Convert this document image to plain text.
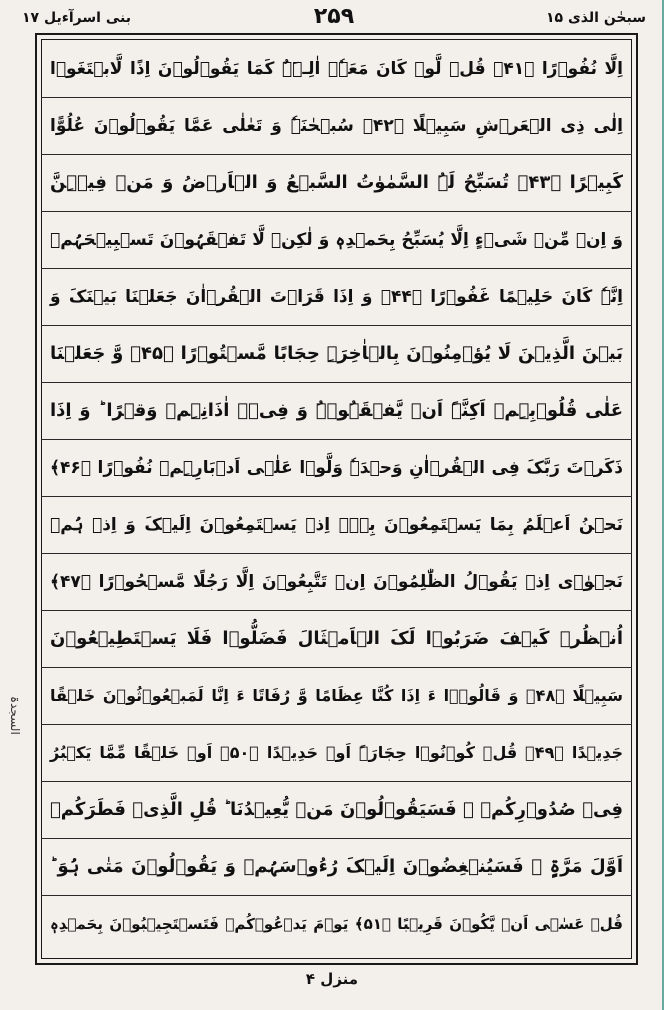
بنی اسرآءیل ۱۷	۲۵۹	سبحٰن الذی ۱۵
اِلَّا نُفُوۡرًا ﴿۴۱﴾ قُلۡ لَّوۡ کَانَ مَعَہٗۤ اٰلِـہَۃٌ کَمَا یَقُوۡلُوۡنَ اِذًا لَّابۡتَغَوۡا
اِلٰی ذِی الۡعَرۡشِ سَبِیۡلًا ﴿۴۲﴾ سُبۡحٰنَہٗ وَ تَعٰلٰی عَمَّا یَقُوۡلُوۡنَ عُلُوًّا
کَبِیۡرًا ﴿۴۳﴾ تُسَبِّحُ لَہُ السَّمٰوٰتُ السَّبۡعُ وَ الۡاَرۡضُ وَ مَنۡ فِیۡہِنَّ
وَ اِنۡ مِّنۡ شَیۡءٍ اِلَّا یُسَبِّحُ بِحَمۡدِہٖ وَ لٰکِنۡ لَّا تَفۡقَہُوۡنَ تَسۡبِیۡحَہُمۡ
اِنَّہٗ کَانَ حَلِیۡمًا غَفُوۡرًا ﴿۴۴﴾ وَ اِذَا قَرَاۡتَ الۡقُرۡاٰنَ جَعَلۡنَا بَیۡنَکَ وَ
بَیۡنَ الَّذِیۡنَ لَا یُؤۡمِنُوۡنَ بِالۡاٰخِرَۃِ حِجَابًا مَّسۡتُوۡرًا ﴿۴۵﴾ وَّ جَعَلۡنَا
عَلٰی قُلُوۡبِہِمۡ اَکِنَّۃً اَنۡ یَّفۡقَہُوۡہُ وَ فِیۡۤ اٰذَانِہِمۡ وَقۡرًا ؕ وَ اِذَا
ذَکَرۡتَ رَبَّکَ فِی الۡقُرۡاٰنِ وَحۡدَہٗ وَلَّوۡا عَلٰۤی اَدۡبَارِہِمۡ نُفُوۡرًا ﴿۴۶﴾
نَحۡنُ اَعۡلَمُ بِمَا یَسۡتَمِعُوۡنَ بِہٖۤ اِذۡ یَسۡتَمِعُوۡنَ اِلَیۡکَ وَ اِذۡ ہُمۡ
نَجۡوٰۤی اِذۡ یَقُوۡلُ الظّٰلِمُوۡنَ اِنۡ تَتَّبِعُوۡنَ اِلَّا رَجُلًا مَّسۡحُوۡرًا ﴿۴۷﴾
اُنۡظُرۡ کَیۡفَ ضَرَبُوۡا لَکَ الۡاَمۡثَالَ فَضَلُّوۡا فَلَا یَسۡتَطِیۡعُوۡنَ
سَبِیۡلًا ﴿۴۸﴾ وَ قَالُوۡۤا ءَ اِذَا کُنَّا عِظَامًا وَّ رُفَاتًا ءَ اِنَّا لَمَبۡعُوۡثُوۡنَ خَلۡقًا
جَدِیۡدًا ﴿۴۹﴾ قُلۡ کُوۡنُوۡا حِجَارَۃً اَوۡ حَدِیۡدًا ﴿۵۰﴾ اَوۡ خَلۡقًا مِّمَّا یَکۡبُرُ
فِیۡ صُدُوۡرِکُمۡ ۚ فَسَیَقُوۡلُوۡنَ مَنۡ یُّعِیۡدُنَا ؕ قُلِ الَّذِیۡ فَطَرَکُمۡ
اَوَّلَ مَرَّۃٍ ۚ فَسَیُنۡغِضُوۡنَ اِلَیۡکَ رُءُوۡسَہُمۡ وَ یَقُوۡلُوۡنَ مَتٰی ہُوَ ؕ
قُلۡ عَسٰۤی اَنۡ یَّکُوۡنَ قَرِیۡبًا ﴿۵۱﴾ یَوۡمَ یَدۡعُوۡکُمۡ فَتَسۡتَجِیۡبُوۡنَ بِحَمۡدِہٖ
السجدۃ
منزل ۴
